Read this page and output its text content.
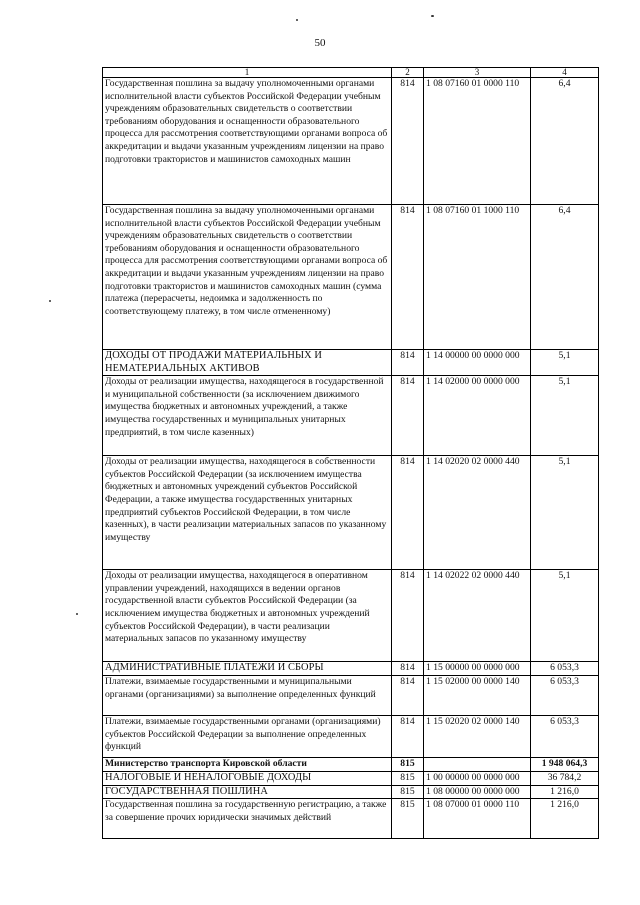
50
1	2	3	4
Государственная пошлина за выдачу уполномоченными органами исполнительной власти субъектов Российской Федерации учебным учреждениям образовательных свидетельств о соответствии требованиям оборудования и оснащенности образовательного процесса для рассмотрения соответствующими органами вопроса об аккредитации и выдачи указанным учреждениям лицензии на право подготовки трактористов и машинистов самоходных машин	814	1 08 07160 01 0000 110	6,4
Государственная пошлина за выдачу уполномоченными органами исполнительной власти субъектов Российской Федерации учебным учреждениям образовательных свидетельств о соответствии требованиям оборудования и оснащенности образовательного процесса для рассмотрения соответствующими органами вопроса об аккредитации и выдачи указанным учреждениям лицензии на право подготовки трактористов и машинистов самоходных машин (сумма платежа (перерасчеты, недоимка и задолженность по соответствующему платежу, в том числе отмененному)	814	1 08 07160 01 1000 110	6,4
ДОХОДЫ ОТ ПРОДАЖИ МАТЕРИАЛЬНЫХ И НЕМАТЕРИАЛЬНЫХ АКТИВОВ	814	1 14 00000 00 0000 000	5,1
Доходы от реализации имущества, находящегося в государственной и муниципальной собственности (за исключением движимого имущества бюджетных и автономных учреждений, а также имущества государственных и муниципальных унитарных предприятий, в том числе казенных)	814	1 14 02000 00 0000 000	5,1
Доходы от реализации имущества, находящегося в собственности субъектов Российской Федерации (за исключением имущества бюджетных и автономных учреждений субъектов Российской Федерации, а также имущества государственных унитарных предприятий субъектов Российской Федерации, в том числе казенных), в части реализации материальных запасов по указанному имуществу	814	1 14 02020 02 0000 440	5,1
Доходы от реализации имущества, находящегося в оперативном управлении учреждений, находящихся в ведении органов государственной власти субъектов Российской Федерации (за исключением имущества бюджетных и автономных учреждений субъектов Российской Федерации), в части реализации материальных запасов по указанному имуществу	814	1 14 02022 02 0000 440	5,1
АДМИНИСТРАТИВНЫЕ ПЛАТЕЖИ И СБОРЫ	814	1 15 00000 00 0000 000	6 053,3
Платежи, взимаемые государственными и муниципальными органами (организациями) за выполнение определенных функций	814	1 15 02000 00 0000 140	6 053,3
Платежи, взимаемые государственными органами (организациями) субъектов Российской Федерации за выполнение определенных функций	814	1 15 02020 02 0000 140	6 053,3
Министерство транспорта Кировской области	815		1 948 064,3
НАЛОГОВЫЕ И НЕНАЛОГОВЫЕ ДОХОДЫ	815	1 00 00000 00 0000 000	36 784,2
ГОСУДАРСТВЕННАЯ ПОШЛИНА	815	1 08 00000 00 0000 000	1 216,0
Государственная пошлина за государственную регистрацию, а также за совершение прочих юридически значимых действий	815	1 08 07000 01 0000 110	1 216,0
